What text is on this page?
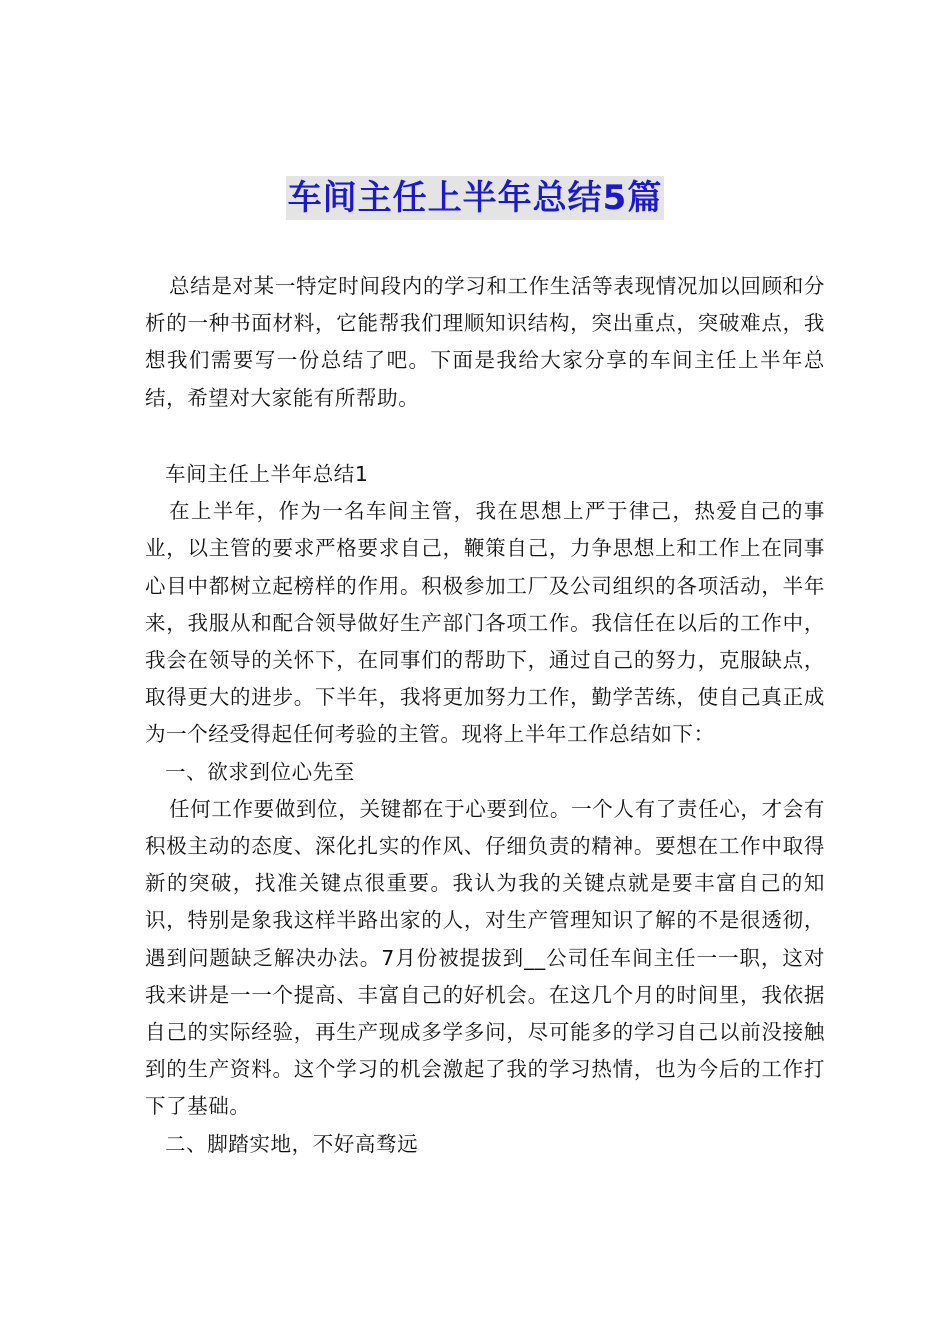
车间主任上半年总结5篇

总结是对某一特定时间段内的学习和工作生活等表现情况加以回顾和分析的一种书面材料，它能帮我们理顺知识结构，突出重点，突破难点，我想我们需要写一份总结了吧。下面是我给大家分享的车间主任上半年总结，希望对大家能有所帮助。

车间主任上半年总结1

在上半年，作为一名车间主管，我在思想上严于律己，热爱自己的事业，以主管的要求严格要求自己，鞭策自己，力争思想上和工作上在同事心目中都树立起榜样的作用。积极参加工厂及公司组织的各项活动，半年来，我服从和配合领导做好生产部门各项工作。我信任在以后的工作中，我会在领导的关怀下，在同事们的帮助下，通过自己的努力，克服缺点，取得更大的进步。下半年，我将更加努力工作，勤学苦练，使自己真正成为一个经受得起任何考验的主管。现将上半年工作总结如下：

一、欲求到位心先至

任何工作要做到位，关键都在于心要到位。一个人有了责任心，才会有积极主动的态度、深化扎实的作风、仔细负责的精神。要想在工作中取得新的突破，找准关键点很重要。我认为我的关键点就是要丰富自己的知识，特别是象我这样半路出家的人，对生产管理知识了解的不是很透彻，遇到问题缺乏解决办法。7月份被提拔到__公司任车间主任一一职，这对我来讲是一一个提高、丰富自己的好机会。在这几个月的时间里，我依据自己的实际经验，再生产现成多学多问，尽可能多的学习自己以前没接触到的生产资料。这个学习的机会激起了我的学习热情，也为今后的工作打下了基础。

二、脚踏实地，不好高骛远
